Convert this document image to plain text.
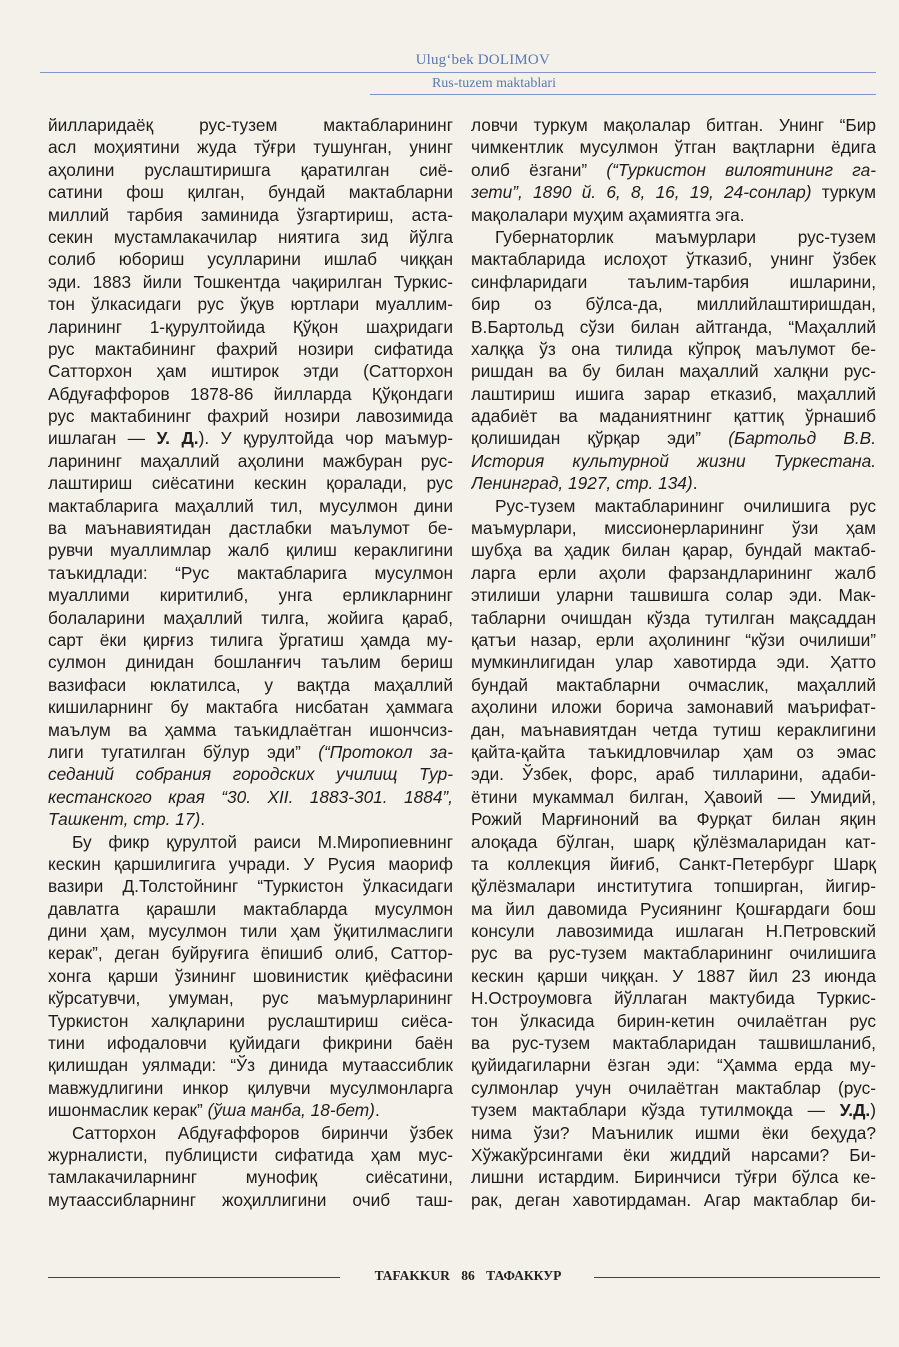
Ulug‘bek DOLIMOV
Rus-tuzem maktablari
йилларидаёқ рус-тузем мактабларининг
асл моҳиятини жуда тўғри тушунган, унинг
аҳолини руслаштиришга қаратилган сиё-
сатини фош қилган, бундай мактабларни
миллий тарбия заминида ўзгартириш, аста-
секин мустамлакачилар ниятига зид йўлга
солиб юбориш усулларини ишлаб чиққан
эди. 1883 йили Тошкентда чақирилган Туркис-
тон ўлкасидаги рус ўқув юртлари муаллим-
ларининг 1-қурултойида Қўқон шаҳридаги
рус мактабининг фахрий нозири сифатида
Сатторхон ҳам иштирок этди (Сатторхон
Абдуғаффоров 1878-86 йилларда Қўқондаги
рус мактабининг фахрий нозири лавозимида
ишлаган — У. Д.). У қурултойда чор маъмур-
ларининг маҳаллий аҳолини мажбуран рус-
лаштириш сиёсатини кескин қоралади, рус
мактабларига маҳаллий тил, мусулмон дини
ва маънавиятидан дастлабки маълумот бе-
рувчи муаллимлар жалб қилиш кераклигини
таъкидлади: “Рус мактабларига мусулмон
муаллими киритилиб, унга ерликларнинг
болаларини маҳаллий тилга, жойига қараб,
сарт ёки қирғиз тилига ўргатиш ҳамда му-
сулмон динидан бошланғич таълим бериш
вазифаси юклатилса, у вақтда маҳаллий
кишиларнинг бу мактабга нисбатан ҳаммага
маълум ва ҳамма таъкидлаётган ишончсиз-
лиги тугатилган бўлур эди” (“Протокол за-
седаний собрания городских училищ Тур-
кестанского края “30. XII. 1883-301. 1884”,
Ташкент, стр. 17).
Бу фикр қурултой раиси М.Миропиевнинг
кескин қаршилигига учради. У Русия маориф
вазири Д.Толстойнинг “Туркистон ўлкасидаги
давлатга қарашли мактабларда мусулмон
дини ҳам, мусулмон тили ҳам ўқитилмаслиги
керак”, деган буйруғига ёпишиб олиб, Саттор-
хонга қарши ўзининг шовинистик қиёфасини
кўрсатувчи, умуман, рус маъмурларининг
Туркистон халқларини руслаштириш сиёса-
тини ифодаловчи қуйидаги фикрини баён
қилишдан уялмади: “Ўз динида мутаассиблик
мавжудлигини инкор қилувчи мусулмонларга
ишонмаслик керак” (ўша манба, 18-бет).
Сатторхон Абдуғаффоров биринчи ўзбек
журналисти, публицисти сифатида ҳам мус-
тамлакачиларнинг мунофиқ сиёсатини,
мутаассибларнинг жоҳиллигини очиб таш-
ловчи туркум мақолалар битган. Унинг “Бир
чимкентлик мусулмон ўтган вақтларни ёдига
олиб ёзгани” (“Туркистон вилоятининг га-
зети”, 1890 й. 6, 8, 16, 19, 24-сонлар) туркум
мақолалари муҳим аҳамиятга эга.
Губернаторлик маъмурлари рус-тузем
мактабларида ислоҳот ўтказиб, унинг ўзбек
синфларидаги таълим-тарбия ишларини,
бир оз бўлса-да, миллийлаштиришдан,
В.Бартольд сўзи билан айтганда, “Маҳаллий
халққа ўз она тилида кўпроқ маълумот бе-
ришдан ва бу билан маҳаллий халқни рус-
лаштириш ишига зарар етказиб, маҳаллий
адабиёт ва маданиятнинг қаттиқ ўрнашиб
қолишидан қўрқар эди” (Бартольд В.В.
История культурной жизни Туркестана.
Ленинград, 1927, стр. 134).
Рус-тузем мактабларининг очилишига рус
маъмурлари, миссионерларининг ўзи ҳам
шубҳа ва ҳадик билан қарар, бундай мактаб-
ларга ерли аҳоли фарзандларининг жалб
этилиши уларни ташвишга солар эди. Мак-
табларни очишдан кўзда тутилган мақсаддан
қатъи назар, ерли аҳолининг “кўзи очилиши”
мумкинлигидан улар хавотирда эди. Ҳатто
бундай мактабларни очмаслик, маҳаллий
аҳолини иложи борича замонавий маърифат-
дан, маънавиятдан четда тутиш кераклигини
қайта-қайта таъкидловчилар ҳам оз эмас
эди. Ўзбек, форс, араб тилларини, адаби-
ётини мукаммал билган, Ҳавоий — Умидий,
Рожий Марғиноний ва Фурқат билан яқин
алоқада бўлган, шарқ қўлёзмаларидан кат-
та коллекция йиғиб, Санкт-Петербург Шарқ
қўлёзмалари институтига топширган, йигир-
ма йил давомида Русиянинг Қошғардаги бош
консули лавозимида ишлаган Н.Петровский
рус ва рус-тузем мактабларининг очилишига
кескин қарши чиққан. У 1887 йил 23 июнда
Н.Остроумовга йўллаган мактубида Туркис-
тон ўлкасида бирин-кетин очилаётган рус
ва рус-тузем мактабларидан ташвишланиб,
қуйидагиларни ёзган эди: “Ҳамма ерда му-
сулмонлар учун очилаётган мактаблар (рус-
тузем мактаблари кўзда тутилмоқда — У.Д.)
нима ўзи? Маънилик ишми ёки беҳуда?
Хўжакўрсингами ёки жиддий нарсами? Би-
лишни истардим. Биринчиси тўғри бўлса ке-
рак, деган хавотирдаман. Агар мактаблар би-
TAFAKKUR 86 ТАФАККУР
